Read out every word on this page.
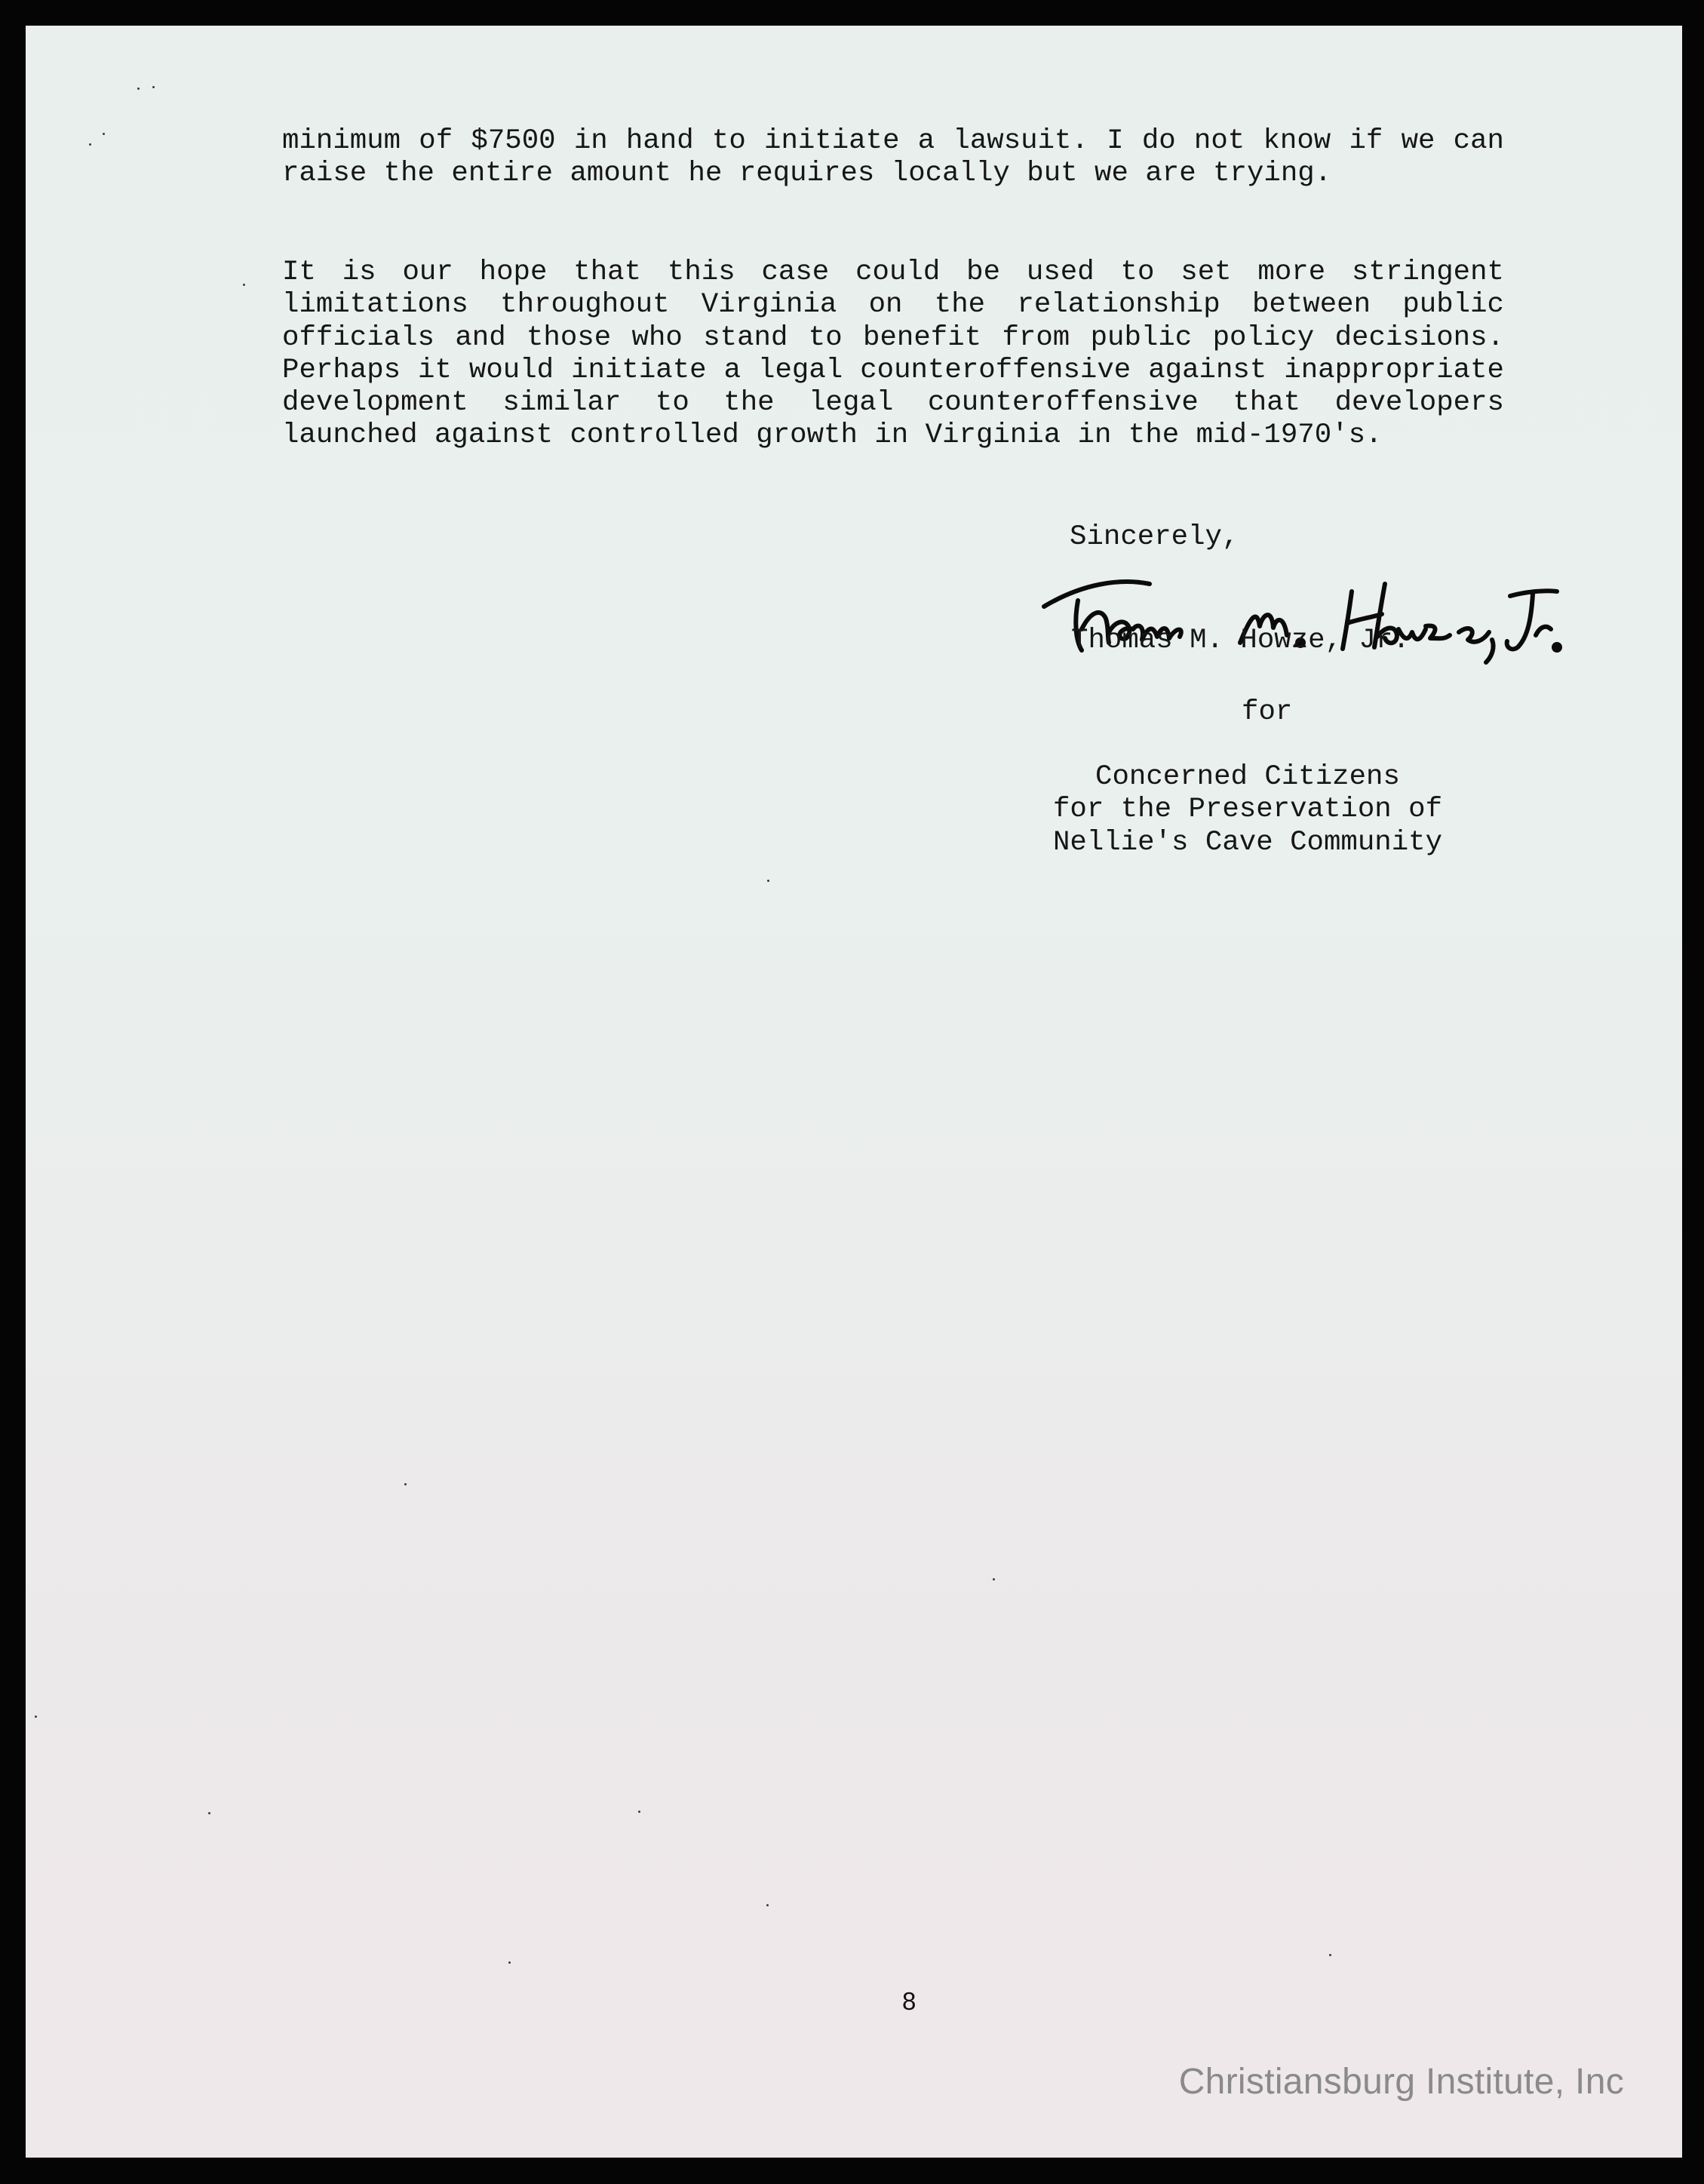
minimum of $7500 in hand to initiate a lawsuit. I do not know if we can raise the entire amount he requires locally but we are trying.

It is our hope that this case could be used to set more stringent limitations throughout Virginia on the relationship between public officials and those who stand to benefit from public policy decisions. Perhaps it would initiate a legal counteroffensive against inappropriate development similar to the legal counteroffensive that developers launched against controlled growth in Virginia in the mid-1970's.

Sincerely,
Thomas M. Howze, Jr.
for
Concerned Citizens
for the Preservation of
Nellie's Cave Community
8
Christiansburg Institute, Inc
